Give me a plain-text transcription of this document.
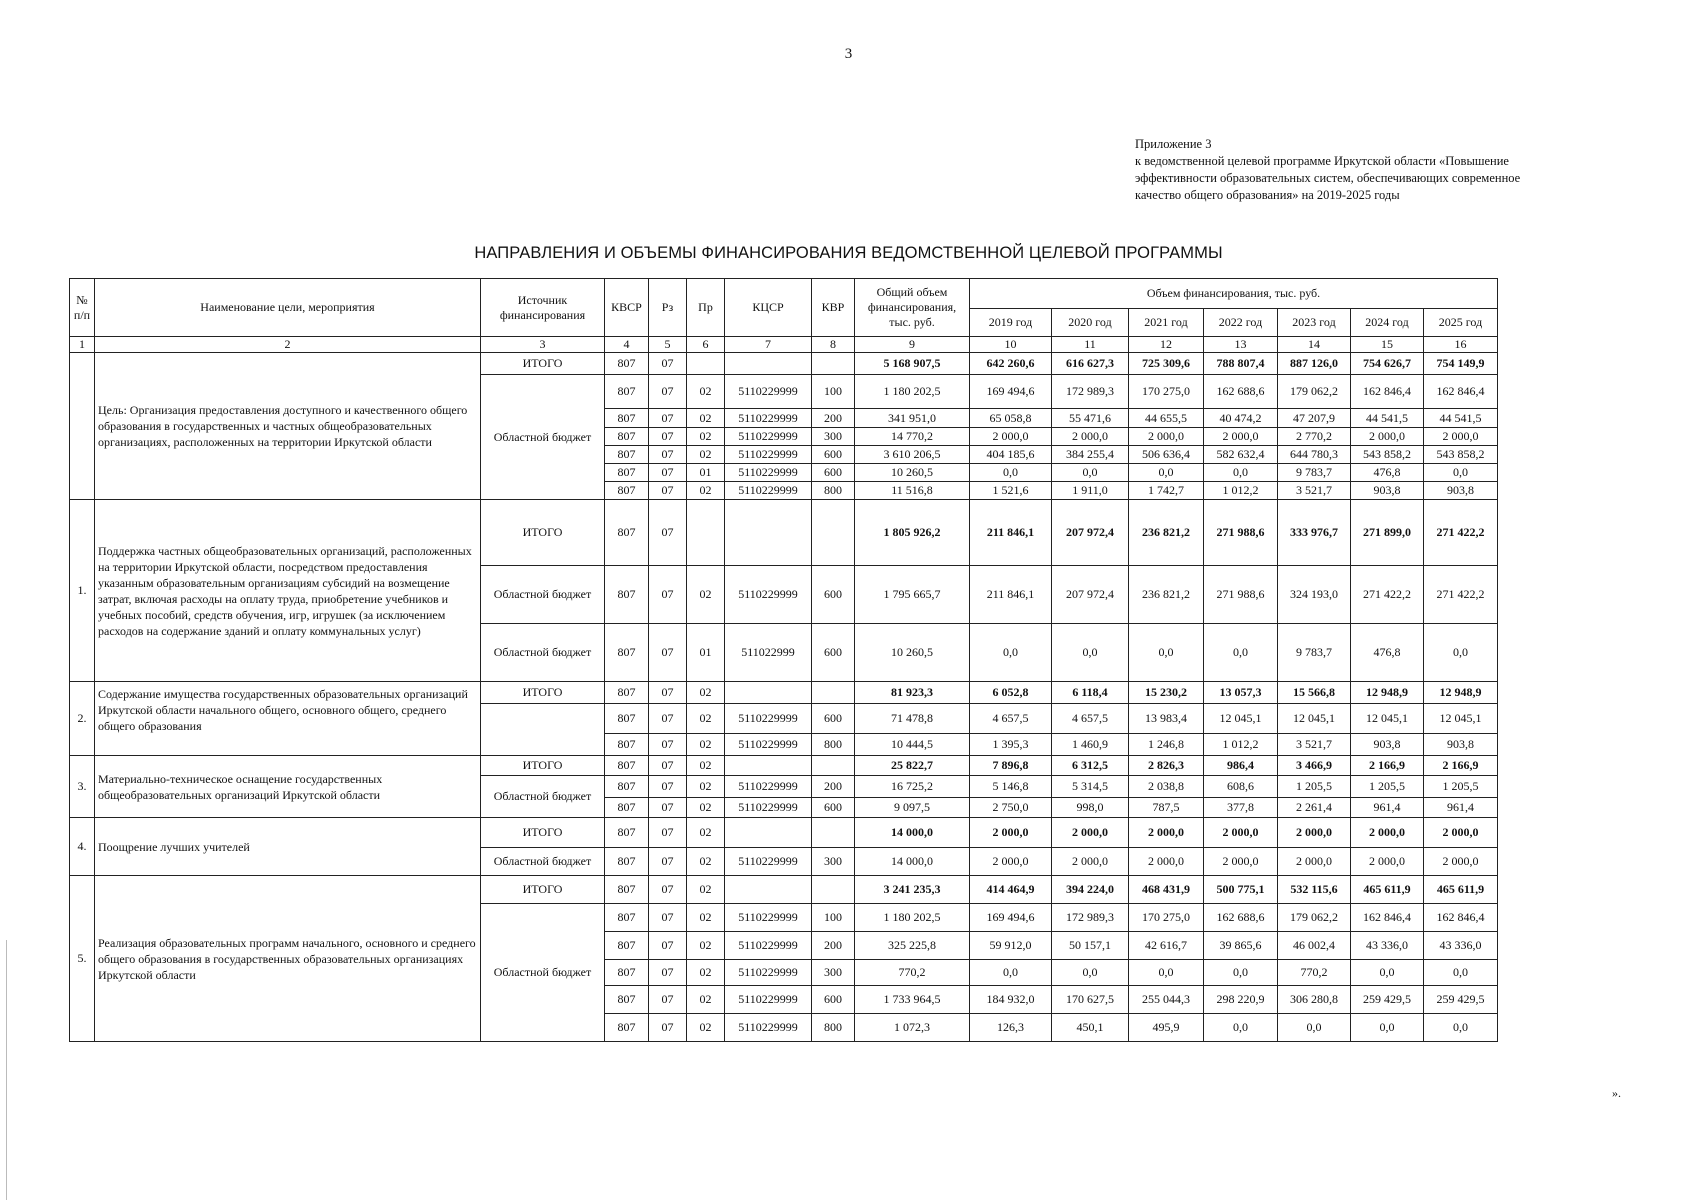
3
Приложение 3
к ведомственной целевой программе Иркутской области «Повышение
эффективности образовательных систем, обеспечивающих современное
качество общего образования» на 2019-2025 годы
НАПРАВЛЕНИЯ И ОБЪЕМЫ ФИНАНСИРОВАНИЯ ВЕДОМСТВЕННОЙ ЦЕЛЕВОЙ ПРОГРАММЫ
№ п/п	Наименование цели, мероприятия	Источник финансирования	КВСР	Рз	Пр	КЦСР	КВР	Общий объем финансирования, тыс. руб.	Объем финансирования, тыс. руб.						
									2019 год	2020 год	2021 год	2022 год	2023 год	2024 год	2025 год
1	2	3	4	5	6	7	8	9	10	11	12	13	14	15	16
	Цель: Организация предоставления доступного и качественного общего образования в государственных и частных общеобразовательных организациях, расположенных на территории Иркутской области	ИТОГО	807	07				5 168 907,5	642 260,6	616 627,3	725 309,6	788 807,4	887 126,0	754 626,7	754 149,9
		Областной бюджет	807	07	02	5110229999	100	1 180 202,5	169 494,6	172 989,3	170 275,0	162 688,6	179 062,2	162 846,4	162 846,4
			807	07	02	5110229999	200	341 951,0	65 058,8	55 471,6	44 655,5	40 474,2	47 207,9	44 541,5	44 541,5
			807	07	02	5110229999	300	14 770,2	2 000,0	2 000,0	2 000,0	2 000,0	2 770,2	2 000,0	2 000,0
			807	07	02	5110229999	600	3 610 206,5	404 185,6	384 255,4	506 636,4	582 632,4	644 780,3	543 858,2	543 858,2
			807	07	01	5110229999	600	10 260,5	0,0	0,0	0,0	0,0	9 783,7	476,8	0,0
			807	07	02	5110229999	800	11 516,8	1 521,6	1 911,0	1 742,7	1 012,2	3 521,7	903,8	903,8
1.	Поддержка частных общеобразовательных организаций, расположенных на территории Иркутской области, посредством предоставления указанным образовательным организациям субсидий на возмещение затрат, включая расходы на оплату труда, приобретение учебников и учебных пособий, средств обучения, игр, игрушек (за исключением расходов на содержание зданий и оплату коммунальных услуг)	ИТОГО	807	07				1 805 926,2	211 846,1	207 972,4	236 821,2	271 988,6	333 976,7	271 899,0	271 422,2
		Областной бюджет	807	07	02	5110229999	600	1 795 665,7	211 846,1	207 972,4	236 821,2	271 988,6	324 193,0	271 422,2	271 422,2
		Областной бюджет	807	07	01	511022999	600	10 260,5	0,0	0,0	0,0	0,0	9 783,7	476,8	0,0
2.	Содержание имущества государственных образовательных организаций Иркутской области начального общего, основного общего, среднего общего образования	ИТОГО	807	07	02			81 923,3	6 052,8	6 118,4	15 230,2	13 057,3	15 566,8	12 948,9	12 948,9
			807	07	02	5110229999	600	71 478,8	4 657,5	4 657,5	13 983,4	12 045,1	12 045,1	12 045,1	12 045,1
			807	07	02	5110229999	800	10 444,5	1 395,3	1 460,9	1 246,8	1 012,2	3 521,7	903,8	903,8
3.	Материально-техническое оснащение государственных общеобразовательных организаций Иркутской области	ИТОГО	807	07	02			25 822,7	7 896,8	6 312,5	2 826,3	986,4	3 466,9	2 166,9	2 166,9
		Областной бюджет	807	07	02	5110229999	200	16 725,2	5 146,8	5 314,5	2 038,8	608,6	1 205,5	1 205,5	1 205,5
			807	07	02	5110229999	600	9 097,5	2 750,0	998,0	787,5	377,8	2 261,4	961,4	961,4
4.	Поощрение лучших учителей	ИТОГО	807	07	02			14 000,0	2 000,0	2 000,0	2 000,0	2 000,0	2 000,0	2 000,0	2 000,0
		Областной бюджет	807	07	02	5110229999	300	14 000,0	2 000,0	2 000,0	2 000,0	2 000,0	2 000,0	2 000,0	2 000,0
5.	Реализация образовательных программ начального, основного и среднего общего образования в государственных образовательных организациях Иркутской области	ИТОГО	807	07	02			3 241 235,3	414 464,9	394 224,0	468 431,9	500 775,1	532 115,6	465 611,9	465 611,9
		Областной бюджет	807	07	02	5110229999	100	1 180 202,5	169 494,6	172 989,3	170 275,0	162 688,6	179 062,2	162 846,4	162 846,4
			807	07	02	5110229999	200	325 225,8	59 912,0	50 157,1	42 616,7	39 865,6	46 002,4	43 336,0	43 336,0
			807	07	02	5110229999	300	770,2	0,0	0,0	0,0	0,0	770,2	0,0	0,0
			807	07	02	5110229999	600	1 733 964,5	184 932,0	170 627,5	255 044,3	298 220,9	306 280,8	259 429,5	259 429,5
			807	07	02	5110229999	800	1 072,3	126,3	450,1	495,9	0,0	0,0	0,0	0,0
».
